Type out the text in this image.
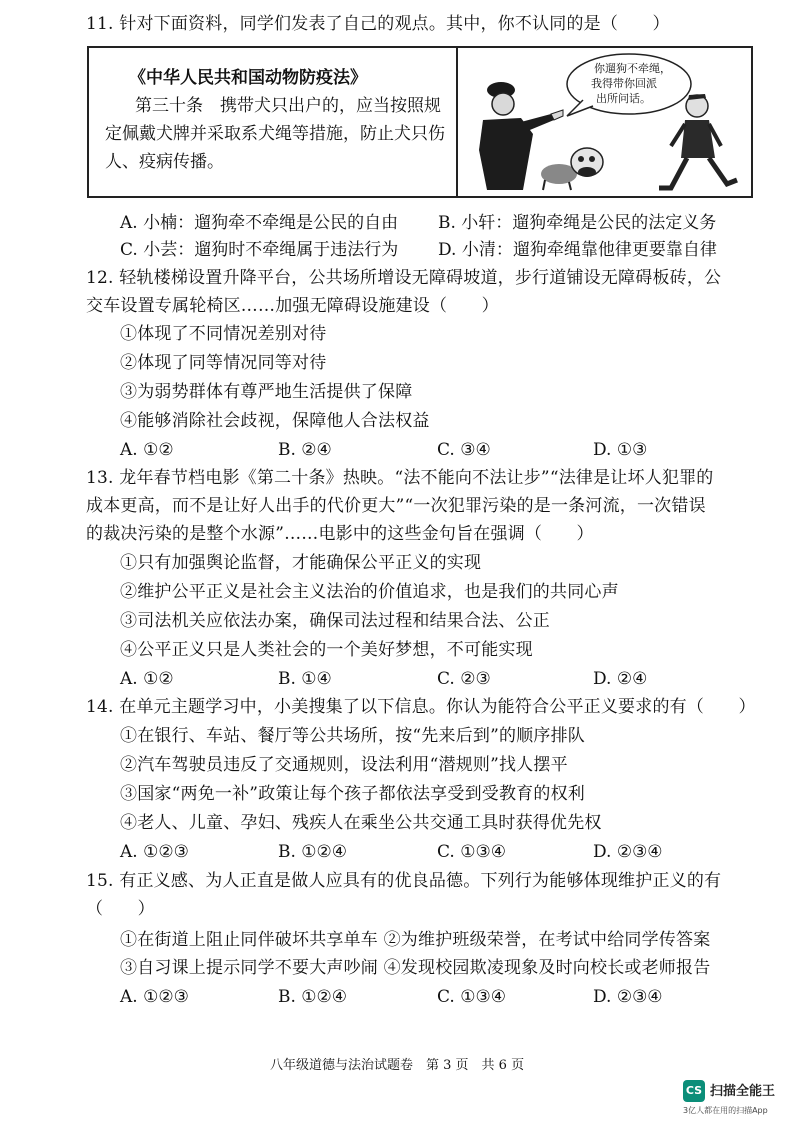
11. 针对下面资料，同学们发表了自己的观点。其中，你不认同的是（　　）
《中华人民共和国动物防疫法》
第三十条　携带犬只出户的，应当按照规
定佩戴犬牌并采取系犬绳等措施，防止犬只伤
人、疫病传播。
你遛狗不牵绳，
我得带你回派
出所问话。
A. 小楠：遛狗牵不牵绳是公民的自由 B. 小轩：遛狗牵绳是公民的法定义务
C. 小芸：遛狗时不牵绳属于违法行为 D. 小清：遛狗牵绳靠他律更要靠自律
12. 轻轨楼梯设置升降平台，公共场所增设无障碍坡道，步行道铺设无障碍板砖，公
交车设置专属轮椅区……加强无障碍设施建设（　　）
①体现了不同情况差别对待
②体现了同等情况同等对待
③为弱势群体有尊严地生活提供了保障
④能够消除社会歧视，保障他人合法权益
A. ①②	B. ②④	C. ③④	D. ①③
13. 龙年春节档电影《第二十条》热映。“法不能向不法让步”“法律是让坏人犯罪的
成本更高，而不是让好人出手的代价更大”“一次犯罪污染的是一条河流，一次错误
的裁决污染的是整个水源”……电影中的这些金句旨在强调（　　）
①只有加强舆论监督，才能确保公平正义的实现
②维护公平正义是社会主义法治的价值追求，也是我们的共同心声
③司法机关应依法办案，确保司法过程和结果合法、公正
④公平正义只是人类社会的一个美好梦想，不可能实现
A. ①②	B. ①④	C. ②③	D. ②④
14. 在单元主题学习中，小美搜集了以下信息。你认为能符合公平正义要求的有（　　）
①在银行、车站、餐厅等公共场所，按“先来后到”的顺序排队
②汽车驾驶员违反了交通规则，设法利用“潜规则”找人摆平
③国家“两免一补”政策让每个孩子都依法享受到受教育的权利
④老人、儿童、孕妇、残疾人在乘坐公共交通工具时获得优先权
A. ①②③	B. ①②④	C. ①③④	D. ②③④
15. 有正义感、为人正直是做人应具有的优良品德。下列行为能够体现维护正义的有
（　　）
①在街道上阻止同伴破坏共享单车 ②为维护班级荣誉，在考试中给同学传答案
③自习课上提示同学不要大声吵闹 ④发现校园欺凌现象及时向校长或老师报告
A. ①②③	B. ①②④	C. ①③④	D. ②③④
八年级道德与法治试题卷　第 3 页　共 6 页
CS 扫描全能王
3亿人都在用的扫描App
